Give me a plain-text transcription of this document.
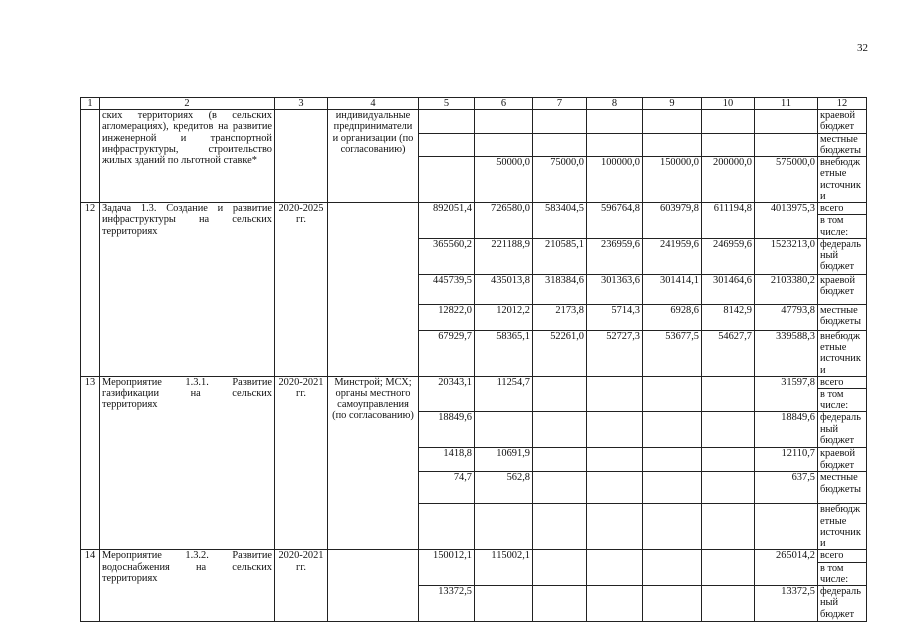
32
1	2	3	4	5	6	7	8	9	10	11	12
	ских территориях (в сельских агломерациях), кредитов на развитие инженерной и транспортной инфраструктуры, строительство жилых зданий по льготной ставке*		индивидуальные предприниматели и организации (по согласованию)								краевой бюджет
											местные бюджеты
					50000,0	75000,0	100000,0	150000,0	200000,0	575000,0	внебюджетные источники
12	Задача 1.3. Создание и развитие инфраструктуры на сельских территориях	2020-2025 гг.		892051,4	726580,0	583404,5	596764,8	603979,8	611194,8	4013975,3	всего
											в том числе:
				365560,2	221188,9	210585,1	236959,6	241959,6	246959,6	1523213,0	федеральный бюджет
				445739,5	435013,8	318384,6	301363,6	301414,1	301464,6	2103380,2	краевой бюджет
				12822,0	12012,2	2173,8	5714,3	6928,6	8142,9	47793,8	местные бюджеты
				67929,7	58365,1	52261,0	52727,3	53677,5	54627,7	339588,3	внебюджетные источники
13	Мероприятие 1.3.1. Развитие газификации на сельских территориях	2020-2021 гг.	Минстрой; МСХ; органы местного самоуправления (по согласованию)	20343,1	11254,7					31597,8	всего
											в том числе:
				18849,6						18849,6	федеральный бюджет
				1418,8	10691,9					12110,7	краевой бюджет
				74,7	562,8					637,5	местные бюджеты
											внебюджетные источники
14	Мероприятие 1.3.2. Развитие водоснабжения на сельских территориях	2020-2021 гг.		150012,1	115002,1					265014,2	всего
											в том числе:
				13372,5						13372,5	федеральный бюджет
